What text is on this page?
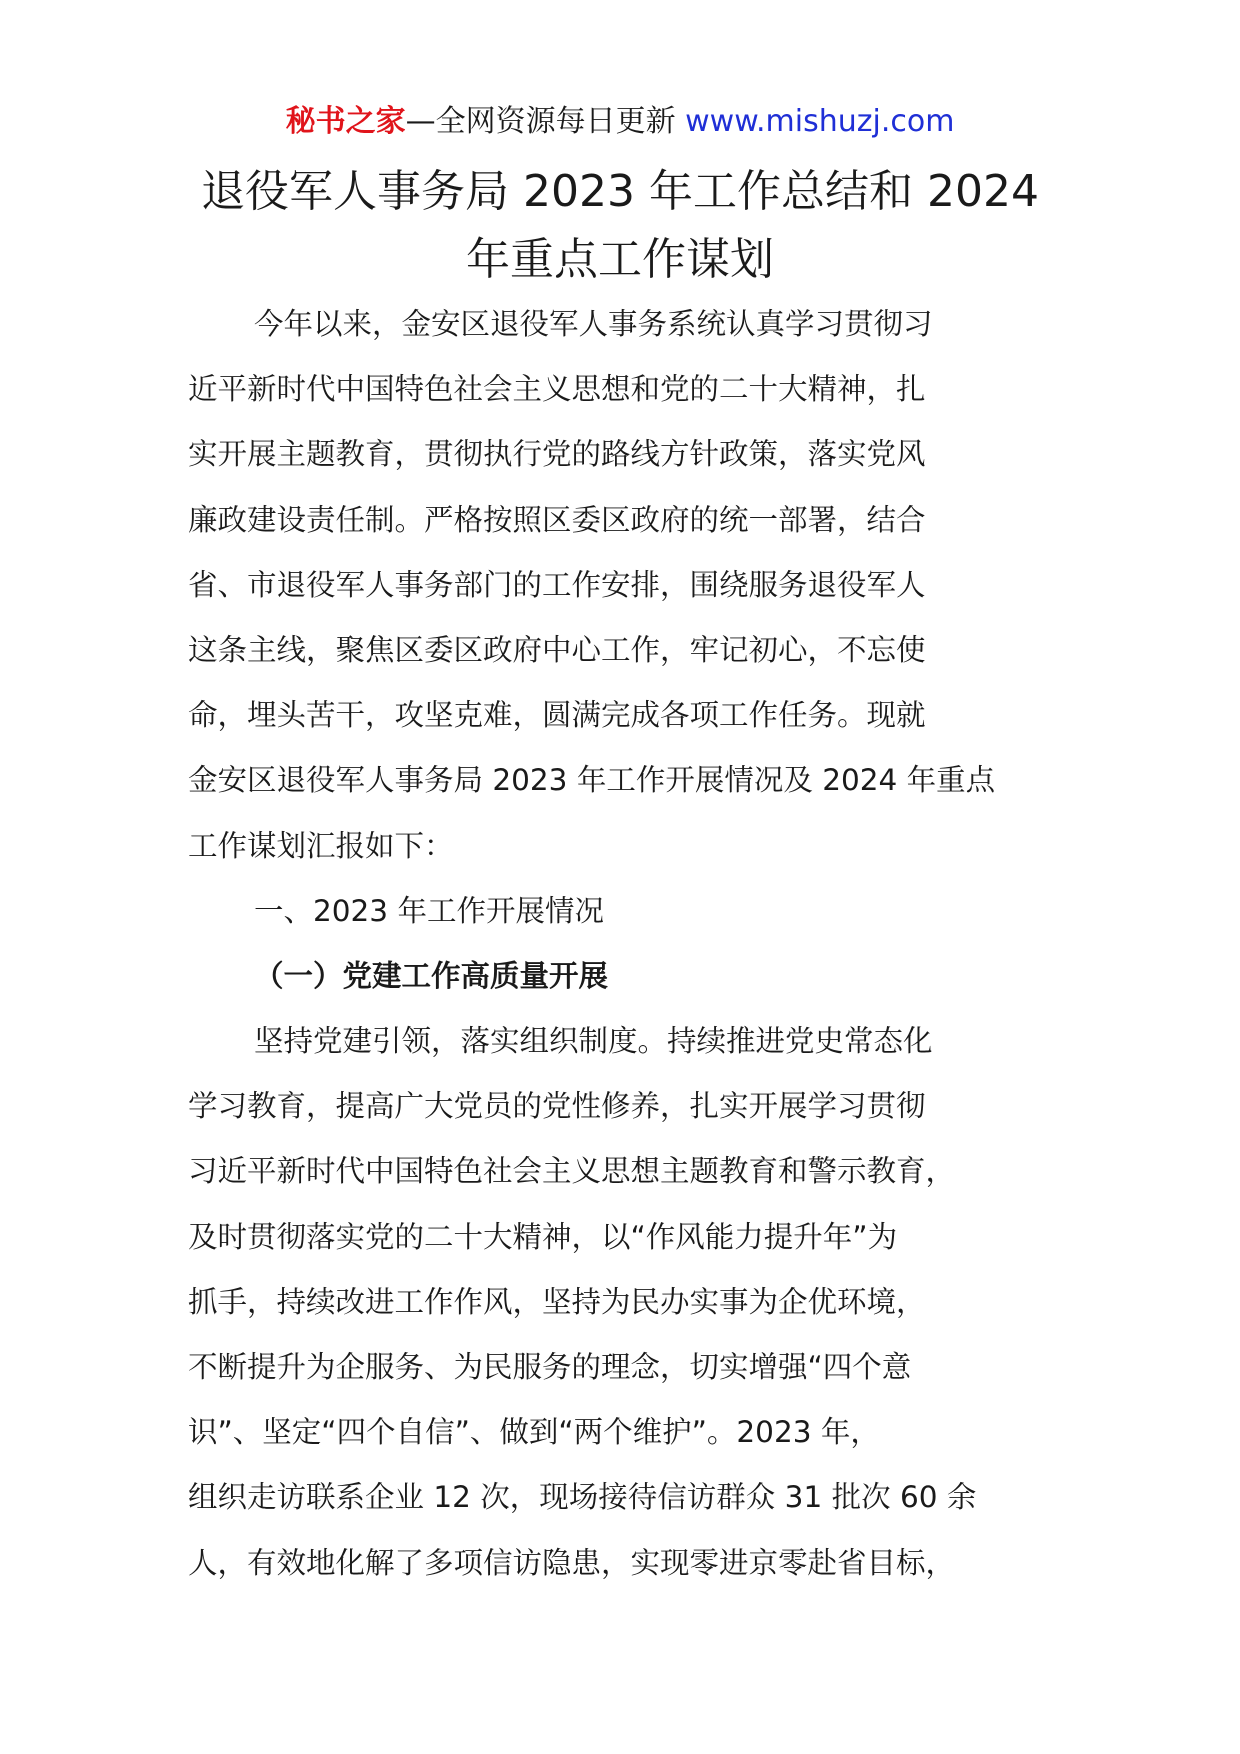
秘书之家—全网资源每日更新 www.mishuzj.com
退役军人事务局 2023 年工作总结和 2024
年重点工作谋划
今年以来，金安区退役军人事务系统认真学习贯彻习
近平新时代中国特色社会主义思想和党的二十大精神，扎
实开展主题教育，贯彻执行党的路线方针政策，落实党风
廉政建设责任制。严格按照区委区政府的统一部署，结合
省、市退役军人事务部门的工作安排，围绕服务退役军人
这条主线，聚焦区委区政府中心工作，牢记初心，不忘使
命，埋头苦干，攻坚克难，圆满完成各项工作任务。现就
金安区退役军人事务局 2023 年工作开展情况及 2024 年重点
工作谋划汇报如下：
一、2023 年工作开展情况
（一）党建工作高质量开展
坚持党建引领，落实组织制度。持续推进党史常态化
学习教育，提高广大党员的党性修养，扎实开展学习贯彻
习近平新时代中国特色社会主义思想主题教育和警示教育，
及时贯彻落实党的二十大精神，以“作风能力提升年”为
抓手，持续改进工作作风，坚持为民办实事为企优环境，
不断提升为企服务、为民服务的理念，切实增强“四个意
识”、坚定“四个自信”、做到“两个维护”。2023 年，
组织走访联系企业 12 次，现场接待信访群众 31 批次 60 余
人，有效地化解了多项信访隐患，实现零进京零赴省目标，
